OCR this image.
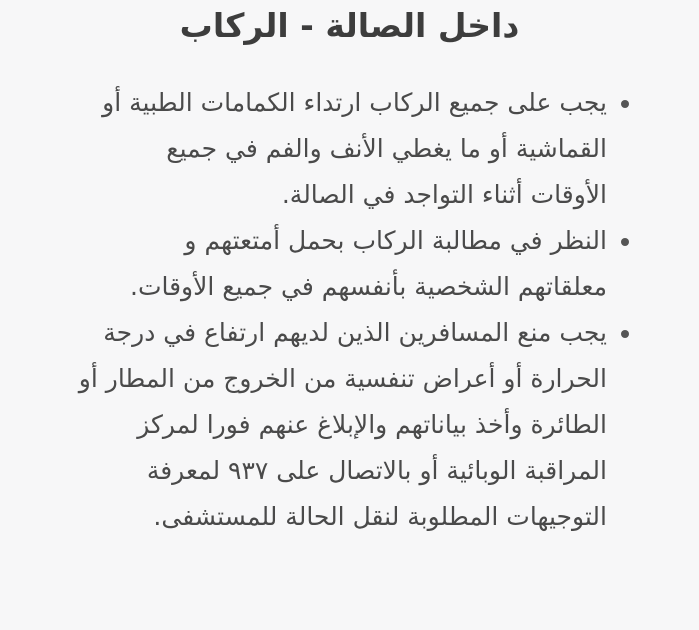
داخل الصالة - الركاب
يجب على جميع الركاب ارتداء الكمامات الطبية أو القماشية أو ما يغطي الأنف والفم في جميع الأوقات أثناء التواجد في الصالة.
النظر في مطالبة الركاب بحمل أمتعتهم و معلقاتهم الشخصية بأنفسهم في جميع الأوقات.
يجب منع المسافرين الذين لديهم ارتفاع في درجة الحرارة أو أعراض تنفسية من الخروج من المطار أو الطائرة وأخذ بياناتهم والإبلاغ عنهم فورا لمركز المراقبة الوبائية أو بالاتصال على ٩٣٧ لمعرفة التوجيهات المطلوبة لنقل الحالة للمستشفى.
